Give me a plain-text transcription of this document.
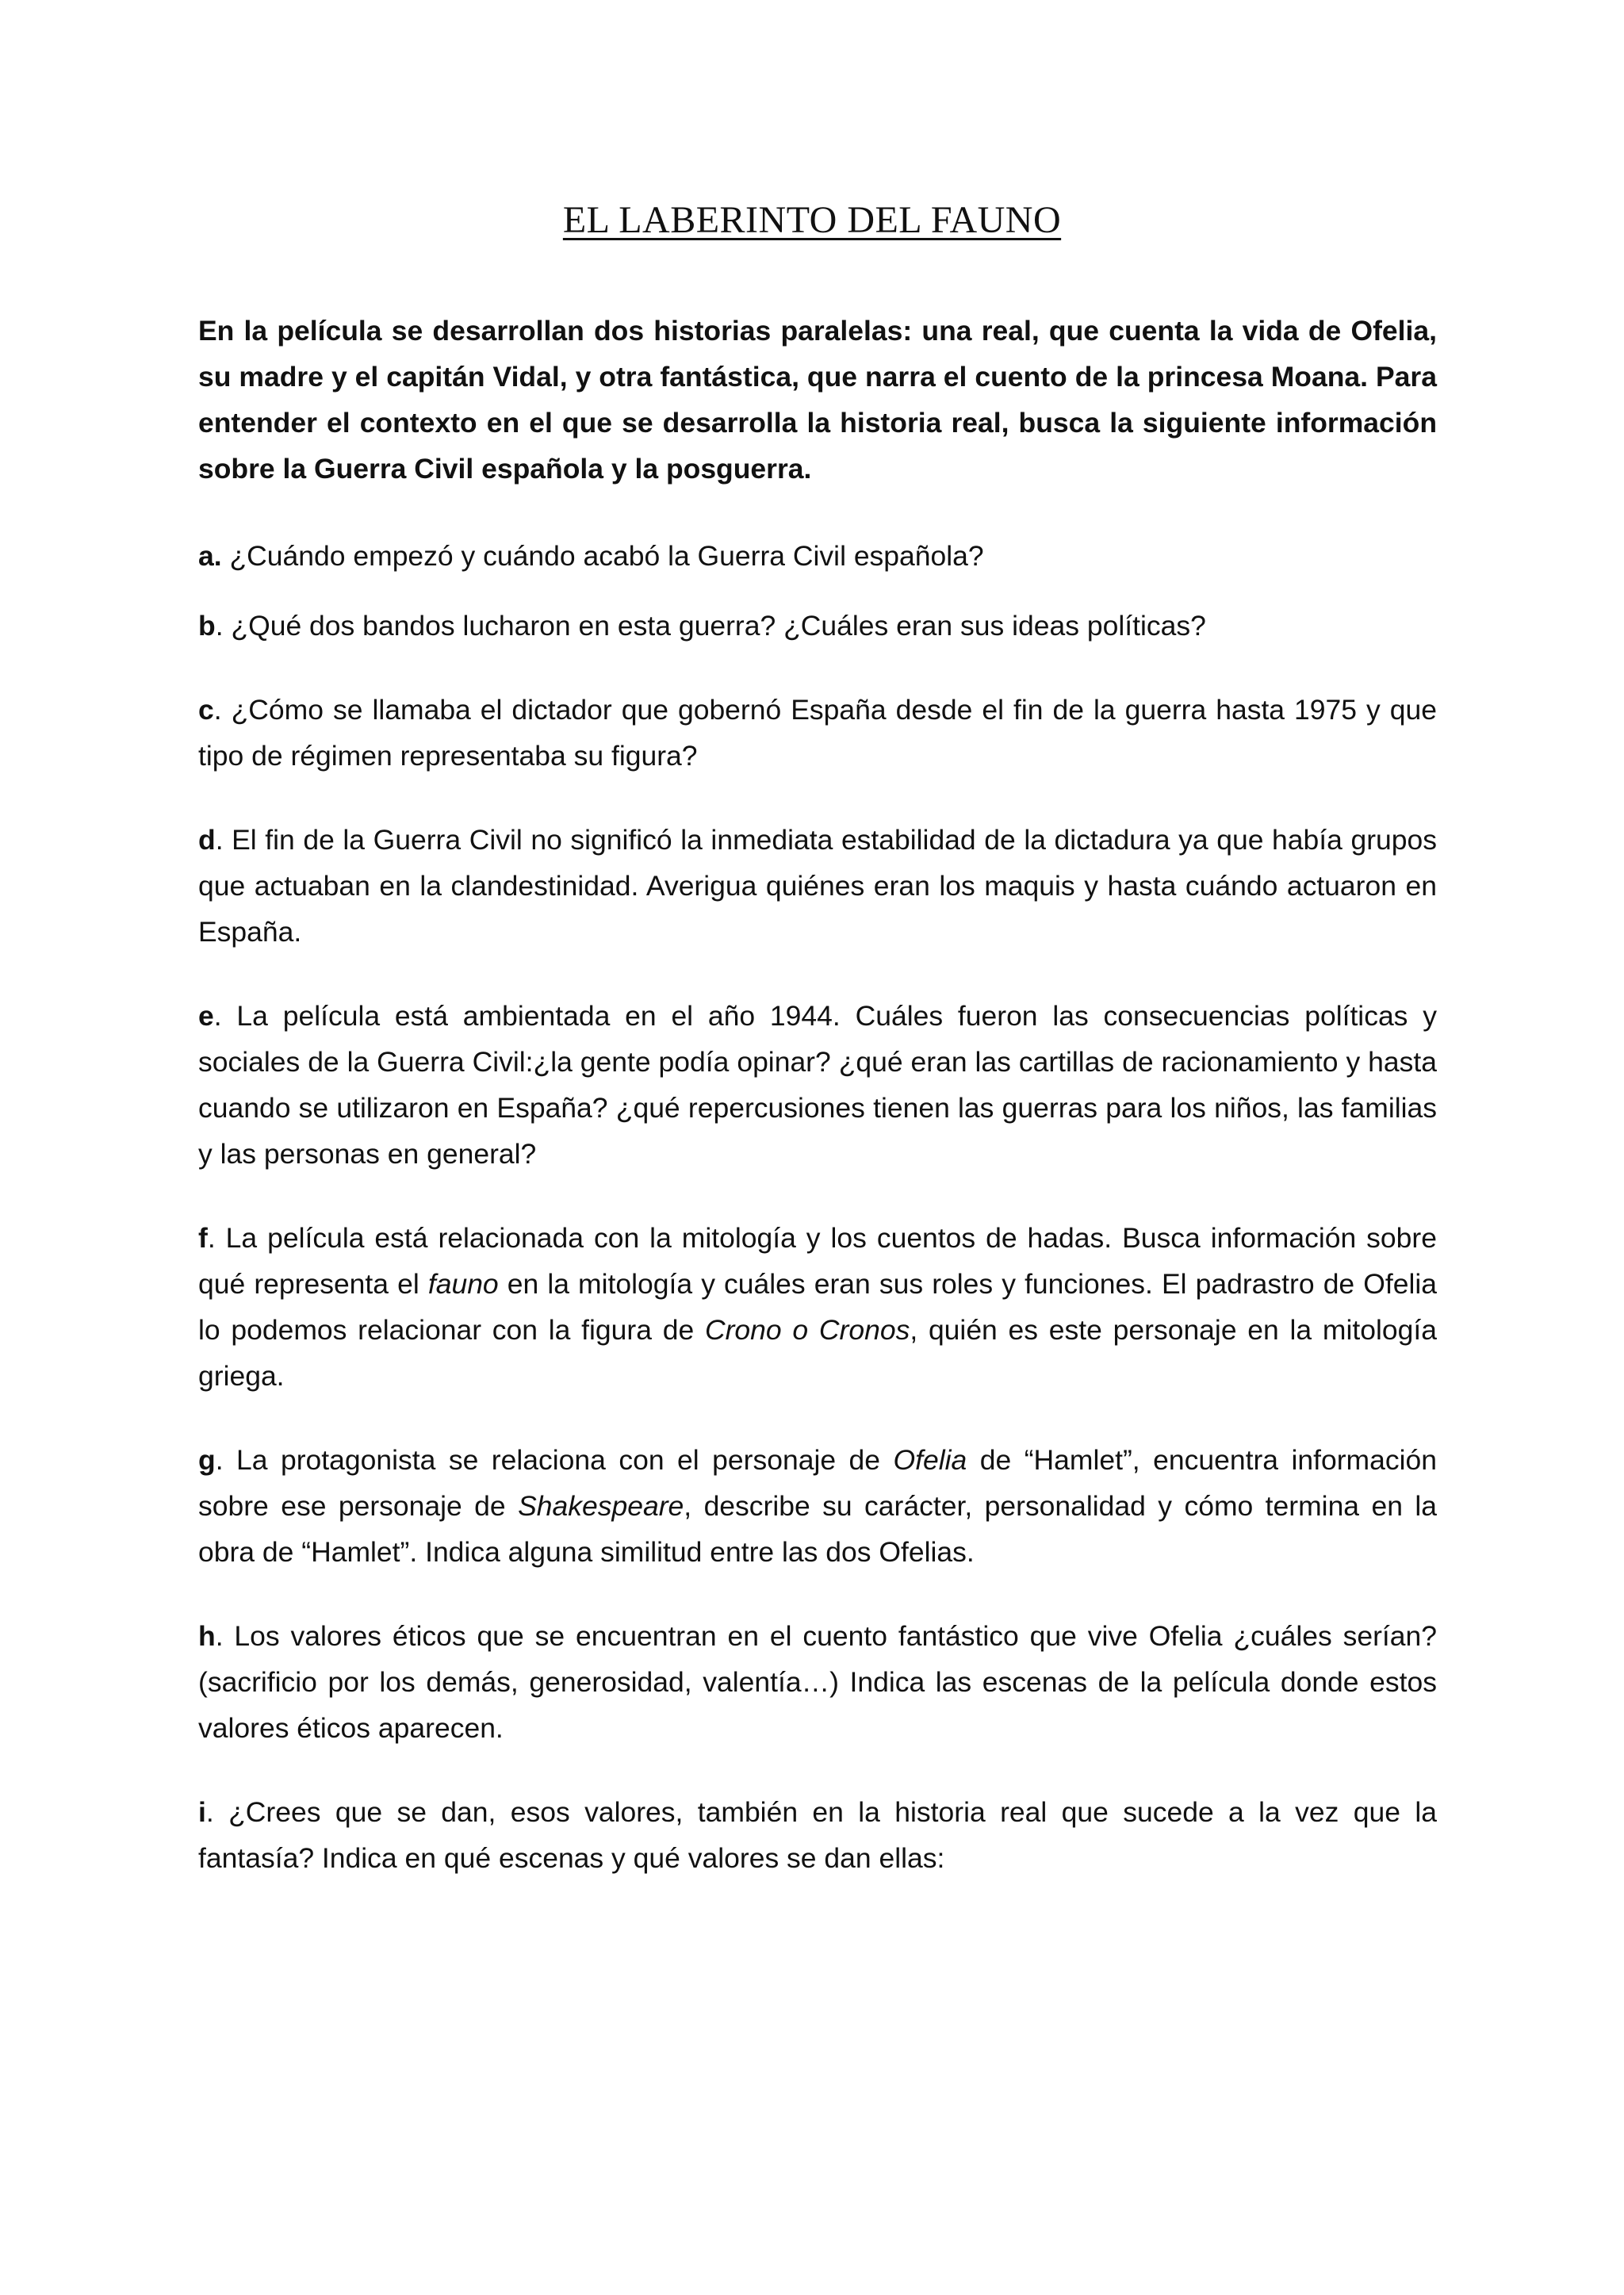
EL LABERINTO DEL FAUNO

En la película se desarrollan dos historias paralelas: una real, que cuenta la vida de Ofelia, su madre y el capitán Vidal, y otra fantástica, que narra el cuento de la princesa Moana. Para entender el contexto en el que se desarrolla la historia real, busca la siguiente información sobre la Guerra Civil española y la posguerra.

a. ¿Cuándo empezó y cuándo acabó la Guerra Civil española?

b. ¿Qué dos bandos lucharon en esta guerra? ¿Cuáles eran sus ideas políticas?

c. ¿Cómo se llamaba el dictador que gobernó España desde el fin de la guerra hasta 1975 y que tipo de régimen representaba su figura?

d. El fin de la Guerra Civil no significó la inmediata estabilidad de la dictadura ya que había grupos que actuaban en la clandestinidad. Averigua quiénes eran los maquis y hasta cuándo actuaron en España.

e. La película está ambientada en el año 1944. Cuáles fueron las consecuencias políticas y sociales de la Guerra Civil:¿la gente podía opinar? ¿qué eran las cartillas de racionamiento y hasta cuando se utilizaron en España? ¿qué repercusiones tienen las guerras para los niños, las familias y las personas en general?

f. La película está relacionada con la mitología y los cuentos de hadas. Busca información sobre qué representa el fauno en la mitología y cuáles eran sus roles y funciones. El padrastro de Ofelia lo podemos relacionar con la figura de Crono o Cronos, quién es este personaje en la mitología griega.

g. La protagonista se relaciona con el personaje de Ofelia de “Hamlet”, encuentra información sobre ese personaje de Shakespeare, describe su carácter, personalidad y cómo termina en la obra de “Hamlet”. Indica alguna similitud entre las dos Ofelias.

h. Los valores éticos que se encuentran en el cuento fantástico que vive Ofelia ¿cuáles serían? (sacrificio por los demás, generosidad, valentía…) Indica las escenas de la película donde estos valores éticos aparecen.

i. ¿Crees que se dan, esos valores, también en la historia real que sucede a la vez que la fantasía? Indica en qué escenas y qué valores se dan ellas:
